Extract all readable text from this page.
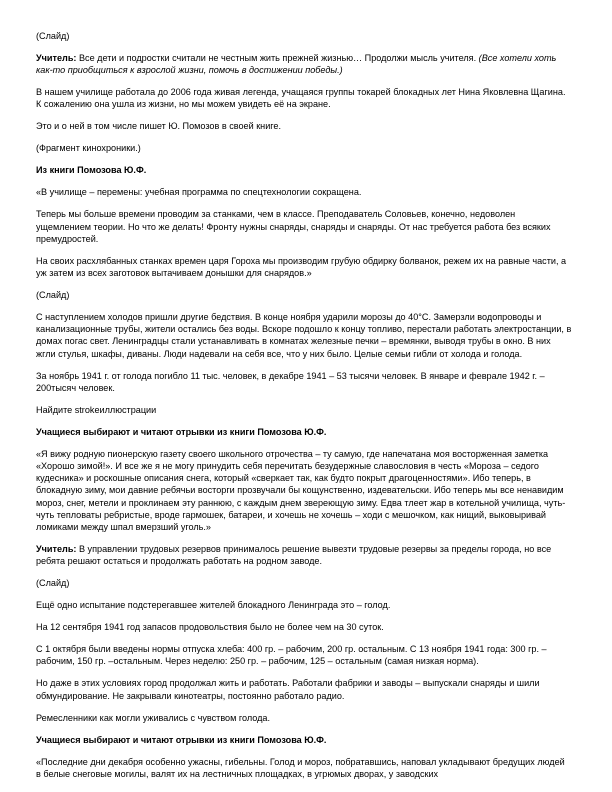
(Слайд)

Учитель: Все дети и подростки считали не честным жить прежней жизнью… Продолжи мысль учителя. (Все хотели хоть как-то приобщиться к взрослой жизни, помочь в достижении победы.)

В нашем училище работала до 2006 года живая легенда, учащаяся группы токарей блокадных лет Нина Яковлевна Щагина. К сожалению она ушла из жизни, но мы можем увидеть её на экране.

Это и о ней в том числе пишет Ю. Помозов в своей книге.

(Фрагмент кинохроники.)

Из книги Помозова Ю.Ф.

«В училище – перемены: учебная программа по спецтехнологии сокращена.

Теперь мы больше времени проводим за станками, чем в классе. Преподаватель Соловьев, конечно, недоволен ущемлением теории. Но что же делать! Фронту нужны снаряды, снаряды и снаряды. От нас требуется работа без всяких премудростей.

На своих расхлябанных станках времен царя Гороха мы производим грубую обдирку болванок, режем их на равные части, а уж затем из всех заготовок вытачиваем донышки для снарядов.»

(Слайд)

С наступлением холодов пришли другие бедствия. В конце ноября ударили морозы до 40°С. Замерзли водопроводы и канализационные трубы, жители остались без воды. Вскоре подошло к концу топливо, перестали работать электростанции, в домах погас свет. Ленинградцы стали устанавливать в комнатах железные печки – времянки, выводя трубы в окно. В них жгли стулья, шкафы, диваны. Люди надевали на себя все, что у них было. Целые семьи гибли от холода и голода.

За ноябрь 1941 г. от голода погибло 11 тыс. человек, в декабре 1941 – 53 тысячи человек. В январе и феврале 1942 г. – 200тысяч человек.

Найдите strokeиллюстрации

Учащиеся выбирают и читают отрывки из книги Помозова Ю.Ф.

«Я вижу родную пионерскую газету своего школьного отрочества – ту самую, где напечатана моя восторженная заметка «Хорошо зимой!». И все же я не могу принудить себя перечитать безудержные славословия в честь «Мороза – седого кудесника» и роскошные описания снега, который «сверкает так, как будто покрыт драгоценностями». Ибо теперь, в блокадную зиму, мои давние ребячьи восторги прозвучали бы кощунственно, издевательски. Ибо теперь мы все ненавидим мороз, снег, метели и проклинаем эту раннюю, с каждым днем звереющую зиму. Едва тлеет жар в котельной училища, чуть-чуть тепловаты ребристые, вроде гармошек, батареи, и хочешь не хочешь – ходи с мешочком, как нищий, выковыривай ломиками между шпал вмерзший уголь.»

Учитель: В управлении трудовых резервов принималось решение вывезти трудовые резервы за пределы города, но все ребята решают остаться и продолжать работать на родном заводе.

(Слайд)

Ещё одно испытание подстерегавшее жителей блокадного Ленинграда это – голод.

На 12 сентября 1941 год запасов продовольствия было не более чем на 30 суток.

С 1 октября были введены нормы отпуска хлеба: 400 гр. – рабочим, 200 гр. остальным. С 13 ноября 1941 года: 300 гр. – рабочим, 150 гр. –остальным. Через неделю: 250 гр. – рабочим, 125 – остальным (самая низкая норма).

Но даже в этих условиях город продолжал жить и работать. Работали фабрики и заводы – выпускали снаряды и шили обмундирование. Не закрывали кинотеатры, постоянно работало радио.

Ремесленники как могли уживались с чувством голода.

Учащиеся выбирают и читают отрывки из книги Помозова Ю.Ф.

«Последние дни декабря особенно ужасны, гибельны. Голод и мороз, побратавшись, наповал укладывают бредущих людей в белые снеговые могилы, валят их на лестничных площадках, в угрюмых дворах, у заводских
